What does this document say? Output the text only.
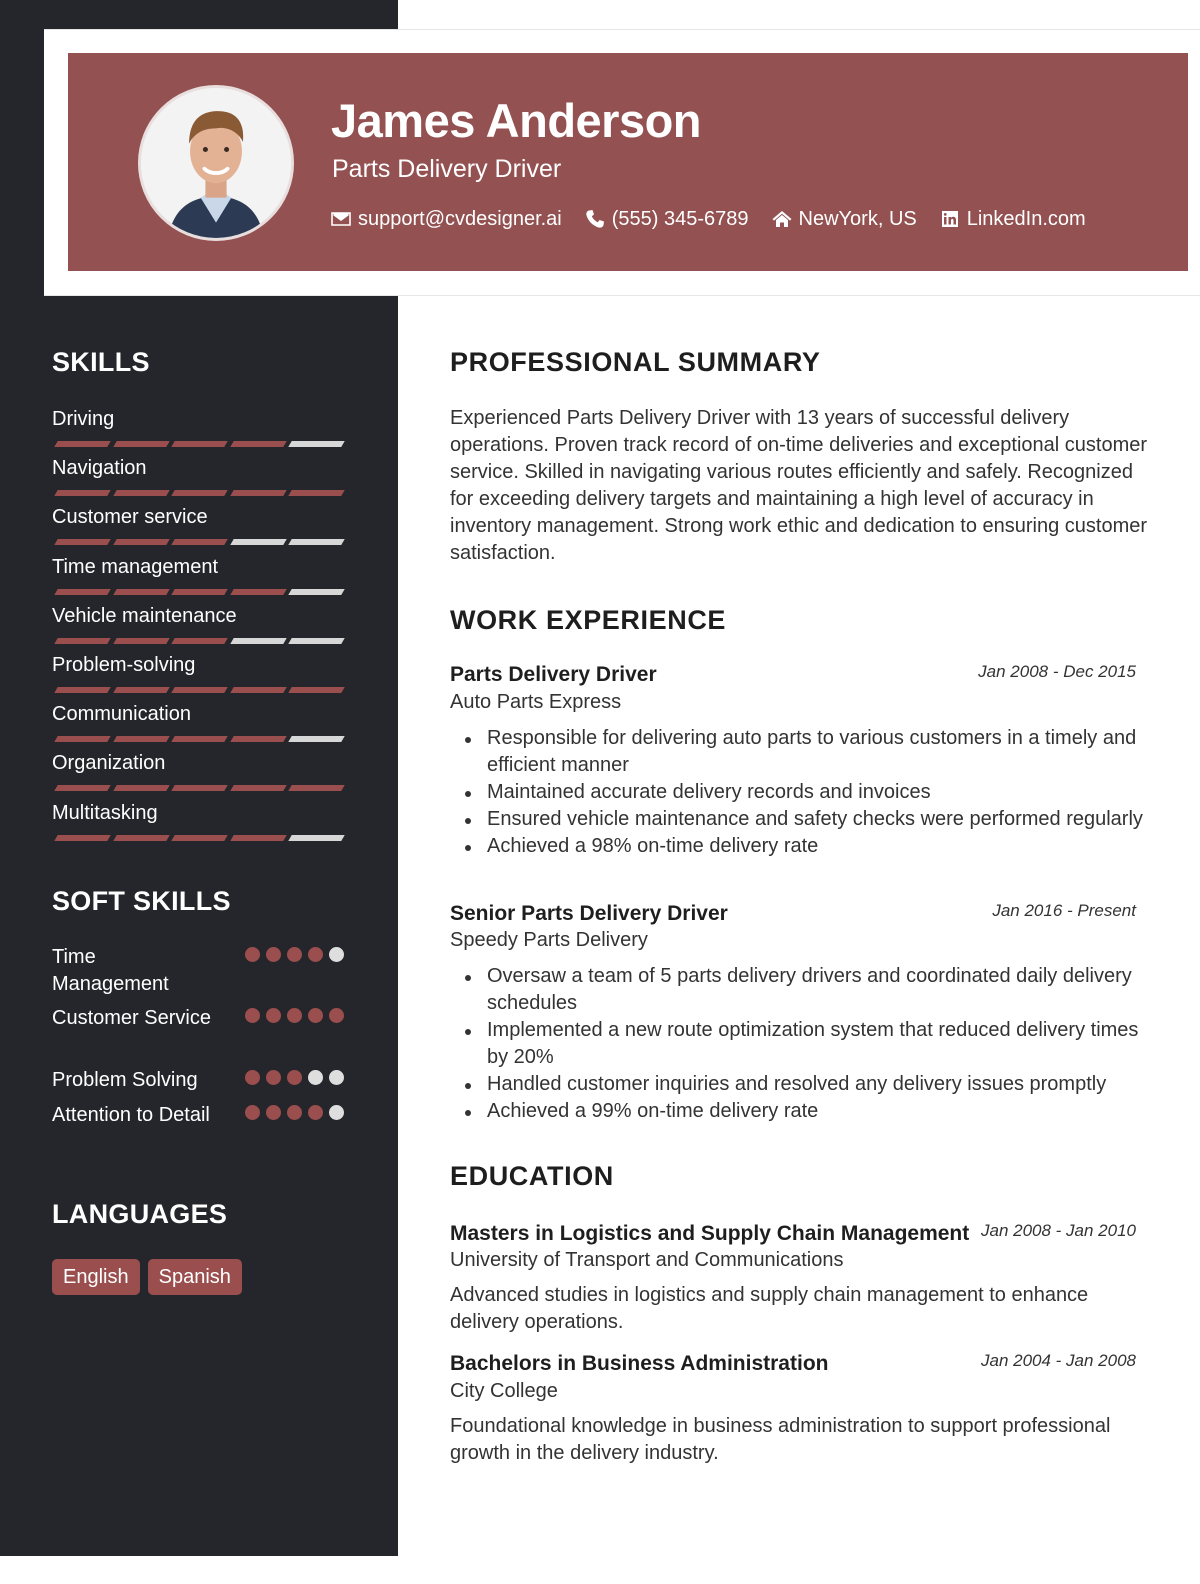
James Anderson
Parts Delivery Driver
support@cvdesigner.ai	(555) 345-6789	NewYork, US	LinkedIn.com
SKILLS
Driving
Navigation
Customer service
Time management
Vehicle maintenance
Problem-solving
Communication
Organization
Multitasking
SOFT SKILLS
Time Management
Customer Service
Problem Solving
Attention to Detail
LANGUAGES
English	Spanish
PROFESSIONAL SUMMARY

Experienced Parts Delivery Driver with 13 years of successful delivery operations. Proven track record of on-time deliveries and exceptional customer service. Skilled in navigating various routes efficiently and safely. Recognized for exceeding delivery targets and maintaining a high level of accuracy in inventory management. Strong work ethic and dedication to ensuring customer satisfaction.

WORK EXPERIENCE
Parts Delivery Driver	Jan 2008 - Dec 2015
Auto Parts Express
Responsible for delivering auto parts to various customers in a timely and efficient manner
Maintained accurate delivery records and invoices
Ensured vehicle maintenance and safety checks were performed regularly
Achieved a 98% on-time delivery rate
Senior Parts Delivery Driver	Jan 2016 - Present
Speedy Parts Delivery
Oversaw a team of 5 parts delivery drivers and coordinated daily delivery schedules
Implemented a new route optimization system that reduced delivery times by 20%
Handled customer inquiries and resolved any delivery issues promptly
Achieved a 99% on-time delivery rate
EDUCATION
Masters in Logistics and Supply Chain Management Jan 2008 - Jan 2010
University of Transport and Communications

Advanced studies in logistics and supply chain management to enhance delivery operations.

Bachelors in Business Administration	Jan 2004 - Jan 2008
City College

Foundational knowledge in business administration to support professional growth in the delivery industry.
